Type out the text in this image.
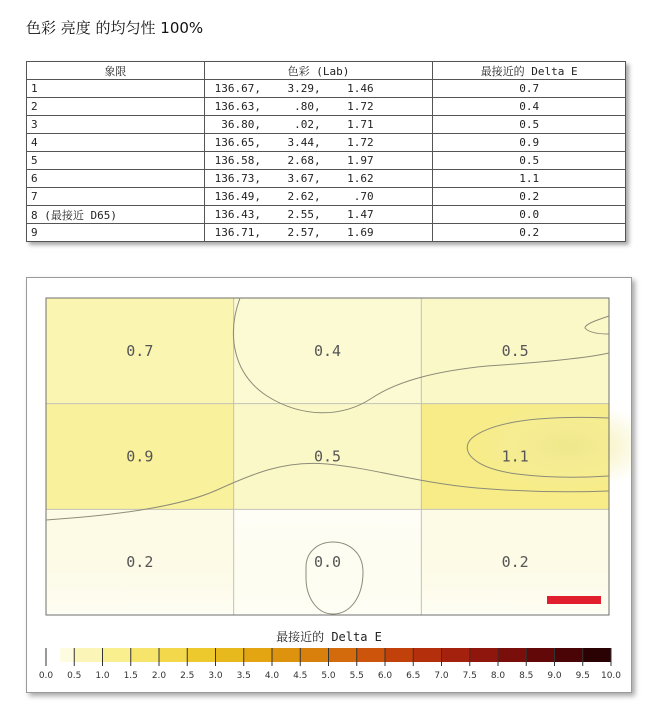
色彩 亮度 的均匀性 100%
象限	色彩 (Lab)	最接近的 Delta E
1	136.67,    3.29,    1.46	0.7
2	136.63,     .80,    1.72	0.4
3	36.80,     .02,    1.71	0.5
4	136.65,    3.44,    1.72	0.9
5	136.58,    2.68,    1.97	0.5
6	136.73,    3.67,    1.62	1.1
7	136.49,    2.62,     .70	0.2
8 (最接近 D65)	136.43,    2.55,    1.47	0.0
9	136.71,    2.57,    1.69	0.2
0.7	0.4	0.5
0.9	0.5	1.1
0.2	0.0	0.2
最接近的 Delta E
0.0 0.5 1.0 1.5 2.0 2.5 3.0 3.5 4.0 4.5 5.0 5.5 6.0 6.5 7.0 7.5 8.0 8.5 9.0 9.5 10.0
